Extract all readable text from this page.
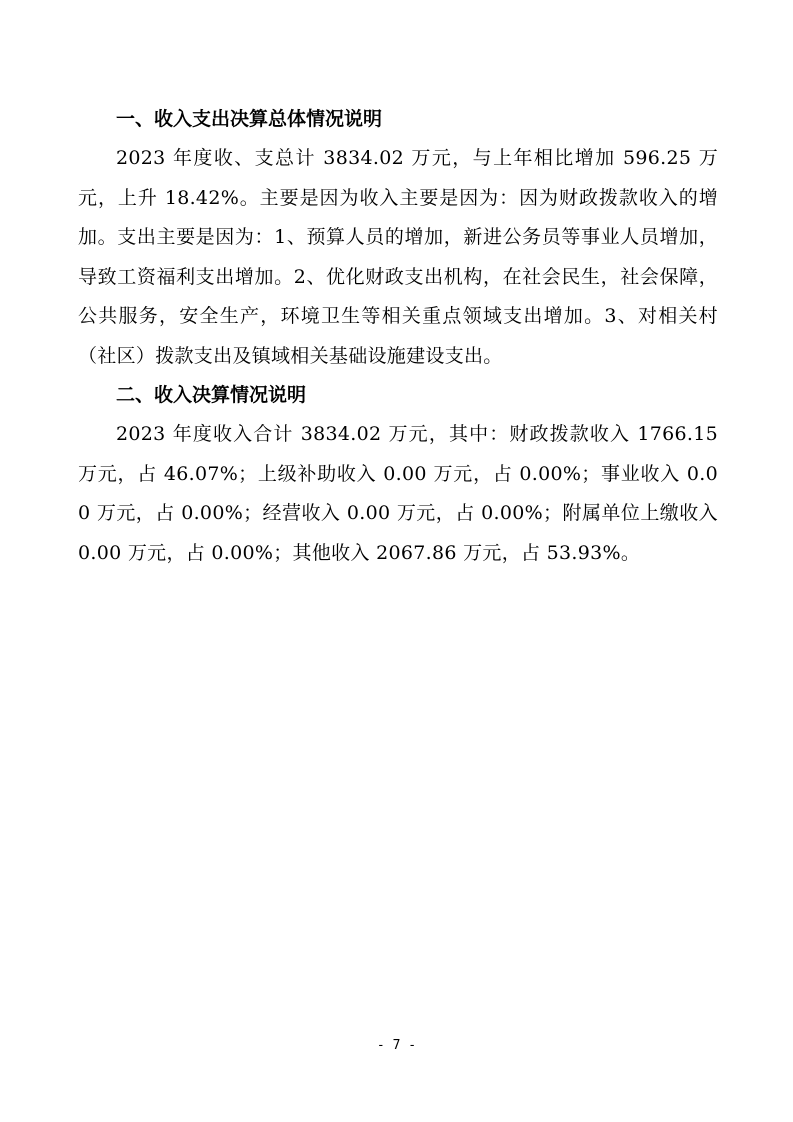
一、收入支出决算总体情况说明

2023 年度收、支总计 3834.02 万元，与上年相比增加 596.25 万元，上升 18.42%。主要是因为收入主要是因为：因为财政拨款收入的增加。支出主要是因为：1、预算人员的增加，新进公务员等事业人员增加，导致工资福利支出增加。2、优化财政支出机构，在社会民生，社会保障，公共服务，安全生产，环境卫生等相关重点领域支出增加。3、对相关村（社区）拨款支出及镇域相关基础设施建设支出。

二、收入决算情况说明

2023 年度收入合计 3834.02 万元，其中：财政拨款收入 1766.15 万元，占 46.07%；上级补助收入 0.00 万元，占 0.00%；事业收入 0.00 万元，占 0.00%；经营收入 0.00 万元，占 0.00%；附属单位上缴收入 0.00 万元，占 0.00%；其他收入 2067.86 万元，占 53.93%。

- 7 -
